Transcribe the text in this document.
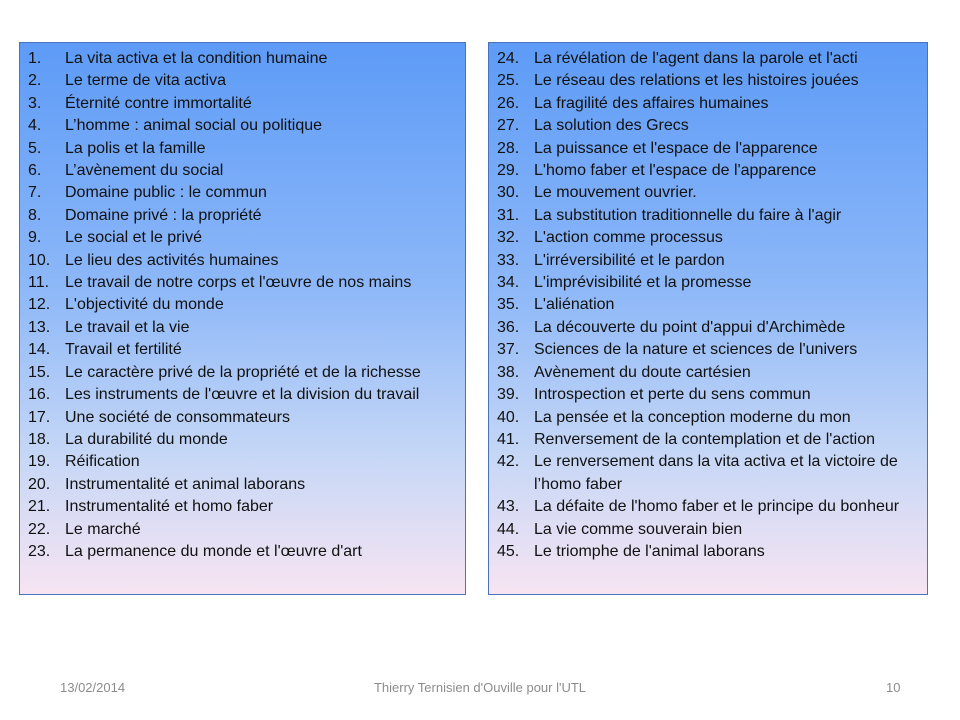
1.	La vita activa et la condition humaine
2.	Le terme de vita activa
3.	Éternité contre immortalité
4.	L’homme : animal social ou politique
5.	La polis et la famille
6.	L’avènement du social
7.	Domaine public : le commun
8.	Domaine privé : la propriété
9.	Le social et le privé
10. Le lieu des activités humaines
11. Le travail de notre corps et l'œuvre de nos mains
12. L'objectivité du monde
13. Le travail et la vie
14. Travail et fertilité
15. Le caractère privé de la propriété et de la richesse
16. Les instruments de l'œuvre et la division du travail
17. Une société de consommateurs
18. La durabilité du monde
19. Réification
20. Instrumentalité et animal laborans
21. Instrumentalité et homo faber
22. Le marché
23. La permanence du monde et l'œuvre d'art
24. La révélation de l'agent dans la parole et l'acti
25. Le réseau des relations et les histoires jouées
26. La fragilité des affaires humaines
27. La solution des Grecs
28. La puissance et l'espace de l'apparence
29. L'homo faber et l'espace de l'apparence
30. Le mouvement ouvrier.
31. La substitution traditionnelle du faire à l'agir
32. L'action comme processus
33. L'irréversibilité et le pardon
34. L'imprévisibilité et la promesse
35. L'aliénation
36. La découverte du point d'appui d'Archimède
37. Sciences de la nature et sciences de l'univers
38. Avènement du doute cartésien
39. Introspection et perte du sens commun
40. La pensée et la conception moderne du mon
41. Renversement de la contemplation et de l'action
42. Le renversement dans la vita activa et la victoire de l’homo faber
43. La défaite de l'homo faber et le principe du bonheur
44. La vie comme souverain bien
45. Le triomphe de l'animal laborans
13/02/2014	Thierry Ternisien d'Ouville pour l'UTL	10
